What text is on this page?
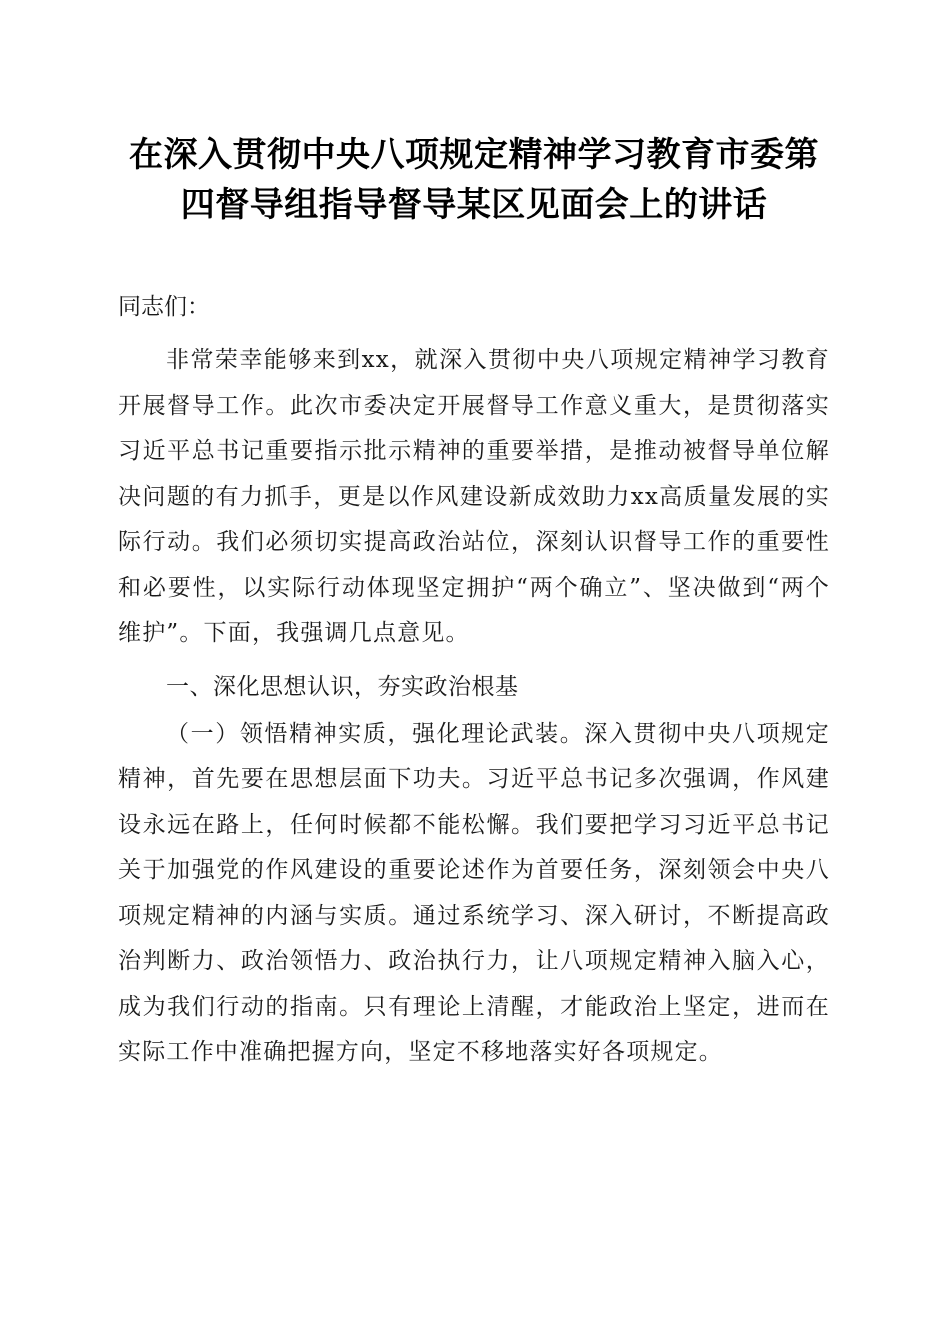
在深入贯彻中央八项规定精神学习教育市委第
四督导组指导督导某区见面会上的讲话

同志们：

非常荣幸能够来到xx，就深入贯彻中央八项规定精神学习教育开展督导工作。此次市委决定开展督导工作意义重大，是贯彻落实习近平总书记重要指示批示精神的重要举措，是推动被督导单位解决问题的有力抓手，更是以作风建设新成效助力xx高质量发展的实际行动。我们必须切实提高政治站位，深刻认识督导工作的重要性和必要性，以实际行动体现坚定拥护“两个确立”、坚决做到“两个维护”。下面，我强调几点意见。

一、深化思想认识，夯实政治根基

（一）领悟精神实质，强化理论武装。深入贯彻中央八项规定精神，首先要在思想层面下功夫。习近平总书记多次强调，作风建设永远在路上，任何时候都不能松懈。我们要把学习习近平总书记关于加强党的作风建设的重要论述作为首要任务，深刻领会中央八项规定精神的内涵与实质。通过系统学习、深入研讨，不断提高政治判断力、政治领悟力、政治执行力，让八项规定精神入脑入心，成为我们行动的指南。只有理论上清醒，才能政治上坚定，进而在实际工作中准确把握方向，坚定不移地落实好各项规定。
